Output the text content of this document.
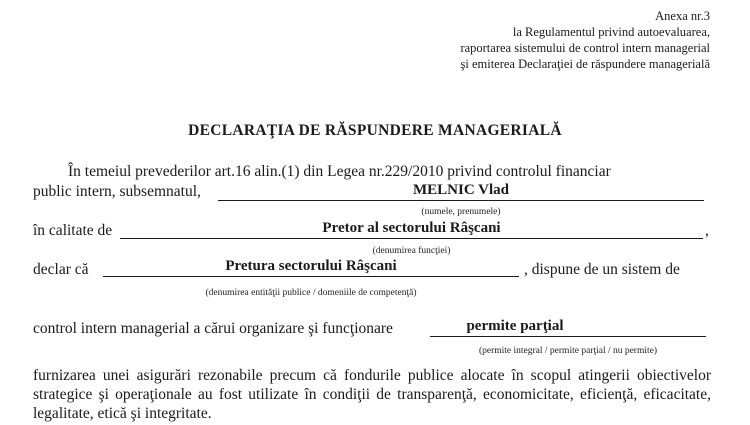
Anexa nr.3
la Regulamentul privind autoevaluarea,
raportarea sistemului de control intern managerial
şi emiterea Declaraţiei de răspundere managerială
DECLARAŢIA DE RĂSPUNDERE MANAGERIALĂ
În temeiul prevederilor art.16 alin.(1) din Legea nr.229/2010 privind controlul financiar
public intern, subsemnatul,	MELNIC Vlad
(numele, prenumele)
în calitate de	Pretor al sectorului Râşcani	,
(denumirea funcţiei)
declar că	Pretura sectorului Râşcani	, dispune de un sistem de
(denumirea entităţii publice / domeniile de competenţă)
control intern managerial a cărui organizare şi funcţionare	permite parţial
(permite integral / permite parţial / nu permite)
furnizarea unei asigurări rezonabile precum că fondurile publice alocate în scopul atingerii obiectivelor strategice şi operaţionale au fost utilizate în condiţii de transparenţă, economicitate, eficienţă, eficacitate, legalitate, etică şi integritate.
